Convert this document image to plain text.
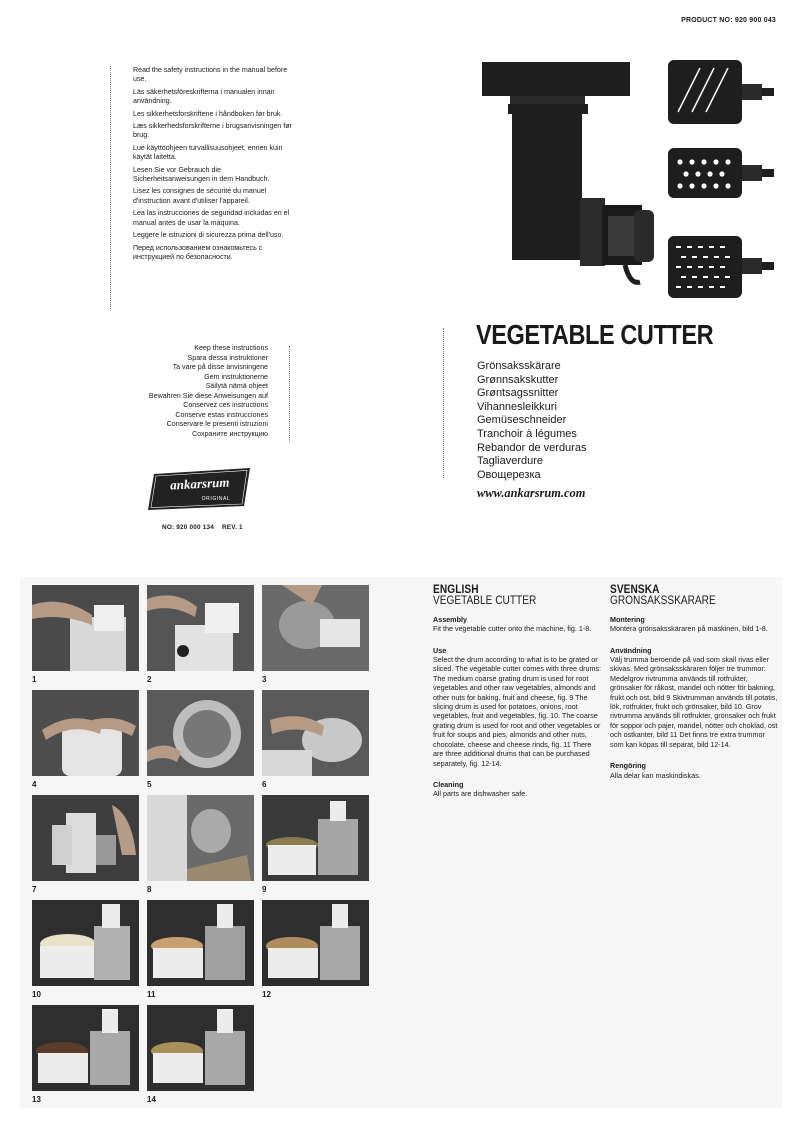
PRODUCT NO: 920 900 043
Read the safety instructions in the manual before use.
Läs säkerhetsföreskrifterna i manualen innan användning.
Les sikkerhetsforskriftene i håndboken før bruk.
Læs sikkerhedsforskrifterne i brugsanvisningen før brug.
Lue käyttöohjeen turvallisuusohjeet, ennen kuin käytät laitetta.
Lesen Sie vor Gebrauch die Sicherheitsanweisungen in dem Handbuch.
Lisez les consignes de sécurité du manuel d'instruction avant d'utiliser l'appareil.
Lea las instrucciones de seguridad incluidas en el manual antes de usar la máquina.
Leggere le istruzioni di sicurezza prima dell'uso.
Перед использованием ознакомьтесь с инструкцией по безопасности.
Keep these instructions
Spara dessa instruktioner
Ta vare på disse anvisningene
Gem instruktionerne
Säilytä nämä ohjeet
Bewahren Sie diese Anweisungen auf
Conservez ces instructions
Conserve estas instrucciones
Conservare le presenti istruzioni
Сохраните инструкцию
ankarsrum
ORIGINAL
NO: 920 000 134 REV. 1
VEGETABLE CUTTER
Grönsaksskärare
Grønnsakskutter
Grøntsagssnitter
Vihannesleikkuri
Gemüseschneider
Tranchoir à légumes
Rebandor de verduras
Tagliaverdure
Овощерезка
www.ankarsrum.com
1	2	3
4	5	6
7	8	9
10	11	12
13	14
ENGLISH
VEGETABLE CUTTER
Assembly

Fit the vegetable cutter onto the machine, fig. 1-8.

Use

Select the drum according to what is to be grated or sliced. The vegetable cutter comes with three drums: The medium coarse grating drum is used for root vegetables and other raw vegetables, almonds and other nuts for baking, fruit and cheese, fig. 9 The slicing drum is used for potatoes, onions, root vegetables, fruit and vegetables, fig. 10. The coarse grating drum is used for root and other vegetables or fruit for soups and pies, almonds and other nuts, chocolate, cheese and cheese rinds, fig. 11 There are three additional drums that can be purchased separately, fig. 12-14.

Cleaning

All parts are dishwasher safe.

SVENSKA
GRÖNSAKSSKÄRARE
Montering

Montera grönsaksskäraren på maskinen, bild 1-8.

Användning

Välj trumma beroende på vad som skall rivas eller skivas. Med grönsaksskäraren följer tre trummor: Medelgrov rivtrumma används till rotfrukter, grönsaker för råkost, mandel och nötter för bakning, frukt och ost, bild 9 Skivtrumman används till potatis, lök, rotfrukter, frukt och grönsaker, bild 10. Grov rivtrumma används till rotfrukter, grönsaker och frukt för soppor och pajer, mandel, nötter och choklad, ost och ostkanter, bild 11 Det finns tre extra trummor som kan köpas till separat, bild 12-14.

Rengöring

Alla delar kan maskindiskas.
